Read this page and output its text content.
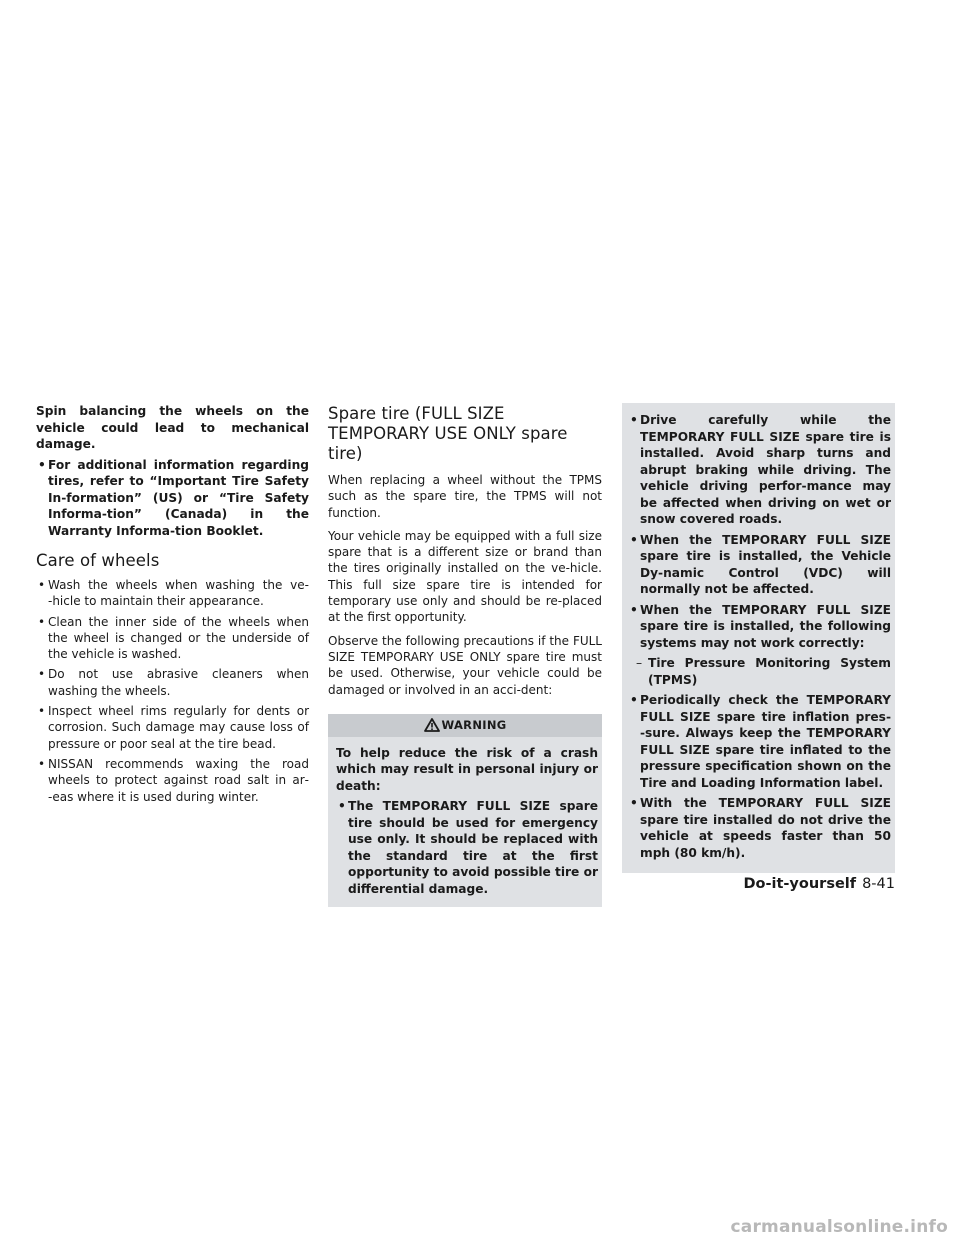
Spin balancing the wheels on the vehicle could lead to mechanical damage.

• For additional information regarding tires, refer to “Important Tire Safety In‑formation” (US) or “Tire Safety Informa‑tion” (Canada) in the Warranty Informa‑tion Booklet.
Care of wheels
• Wash the wheels when washing the ve‑hicle to maintain their appearance.
• Clean the inner side of the wheels when the wheel is changed or the underside of the vehicle is washed.
• Do not use abrasive cleaners when washing the wheels.
• Inspect wheel rims regularly for dents or corrosion. Such damage may cause loss of pressure or poor seal at the tire bead.
• NISSAN recommends waxing the road wheels to protect against road salt in ar‑eas where it is used during winter.
Spare tire (FULL SIZE TEMPORARY USE ONLY spare tire)

When replacing a wheel without the TPMS such as the spare tire, the TPMS will not function.

Your vehicle may be equipped with a full size spare that is a different size or brand than the tires originally installed on the ve‑hicle. This full size spare tire is intended for temporary use only and should be re‑placed at the first opportunity.

Observe the following precautions if the FULL SIZE TEMPORARY USE ONLY spare tire must be used. Otherwise, your vehicle could be damaged or involved in an acci‑dent:

WARNING

To help reduce the risk of a crash which may result in personal injury or death:

• The TEMPORARY FULL SIZE spare tire should be used for emergency use only. It should be replaced with the standard tire at the first opportunity to avoid possible tire or differential damage.
• Drive carefully while the TEMPORARY FULL SIZE spare tire is installed. Avoid sharp turns and abrupt braking while driving. The vehicle driving perfor‑mance may be affected when driving on wet or snow covered roads.
• When the TEMPORARY FULL SIZE spare tire is installed, the Vehicle Dy‑namic Control (VDC) will normally not be affected.
• When the TEMPORARY FULL SIZE spare tire is installed, the following systems may not work correctly:
– Tire Pressure Monitoring System (TPMS)
• Periodically check the TEMPORARY FULL SIZE spare tire inflation pres‑sure. Always keep the TEMPORARY FULL SIZE spare tire inflated to the pressure specification shown on the Tire and Loading Information label.
• With the TEMPORARY FULL SIZE spare tire installed do not drive the vehicle at speeds faster than 50 mph (80 km/h).
Do-it-yourself 8-41
carmanualsonline.info
